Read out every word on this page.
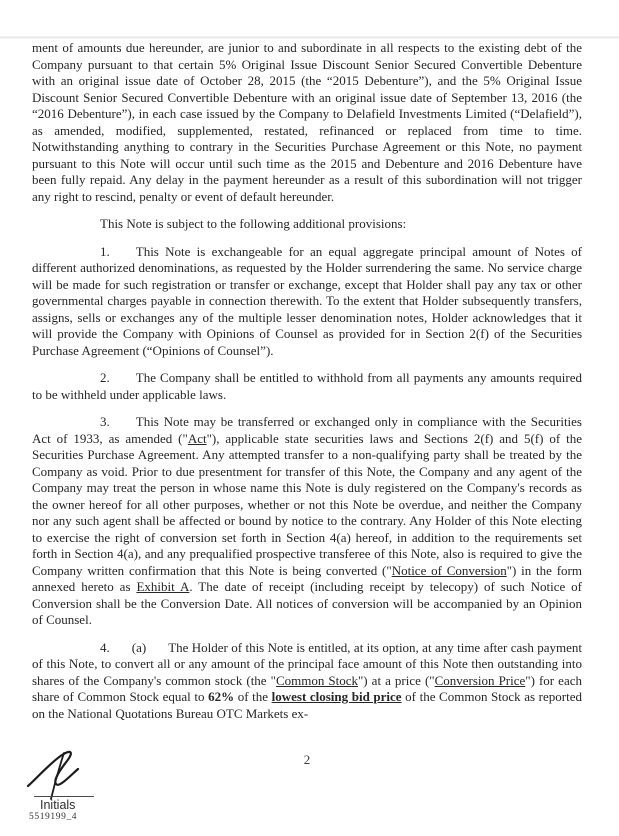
ment of amounts due hereunder, are junior to and subordinate in all respects to the existing debt of the Company pursuant to that certain 5% Original Issue Discount Senior Secured Convertible Debenture with an original issue date of October 28, 2015 (the “2015 Debenture”), and the 5% Original Issue Discount Senior Secured Convertible Debenture with an original issue date of September 13, 2016 (the “2016 Debenture”), in each case issued by the Company to Delafield Investments Limited (“Delafield”), as amended, modified, supplemented, restated, refinanced or replaced from time to time. Notwithstanding anything to contrary in the Securities Purchase Agreement or this Note, no payment pursuant to this Note will occur until such time as the 2015 and Debenture and 2016 Debenture have been fully repaid. Any delay in the payment hereunder as a result of this subordination will not trigger any right to rescind, penalty or event of default hereunder.

This Note is subject to the following additional provisions:

1. This Note is exchangeable for an equal aggregate principal amount of Notes of different authorized denominations, as requested by the Holder surrendering the same. No service charge will be made for such registration or transfer or exchange, except that Holder shall pay any tax or other governmental charges payable in connection therewith. To the extent that Holder subsequently transfers, assigns, sells or exchanges any of the multiple lesser denomination notes, Holder acknowledges that it will provide the Company with Opinions of Counsel as provided for in Section 2(f) of the Securities Purchase Agreement (“Opinions of Counsel”).

2. The Company shall be entitled to withhold from all payments any amounts required to be withheld under applicable laws.

3. This Note may be transferred or exchanged only in compliance with the Securities Act of 1933, as amended ("Act"), applicable state securities laws and Sections 2(f) and 5(f) of the Securities Purchase Agreement. Any attempted transfer to a non-qualifying party shall be treated by the Company as void. Prior to due presentment for transfer of this Note, the Company and any agent of the Company may treat the person in whose name this Note is duly registered on the Company's records as the owner hereof for all other purposes, whether or not this Note be overdue, and neither the Company nor any such agent shall be affected or bound by notice to the contrary. Any Holder of this Note electing to exercise the right of conversion set forth in Section 4(a) hereof, in addition to the requirements set forth in Section 4(a), and any prequalified prospective transferee of this Note, also is required to give the Company written confirmation that this Note is being converted ("Notice of Conversion") in the form annexed hereto as Exhibit A. The date of receipt (including receipt by telecopy) of such Notice of Conversion shall be the Conversion Date. All notices of conversion will be accompanied by an Opinion of Counsel.

4. (a) The Holder of this Note is entitled, at its option, at any time after cash payment of this Note, to convert all or any amount of the principal face amount of this Note then outstanding into shares of the Company's common stock (the "Common Stock") at a price ("Conversion Price") for each share of Common Stock equal to 62% of the lowest closing bid price of the Common Stock as reported on the National Quotations Bureau OTC Markets ex-

2
Initials
5519199_4
